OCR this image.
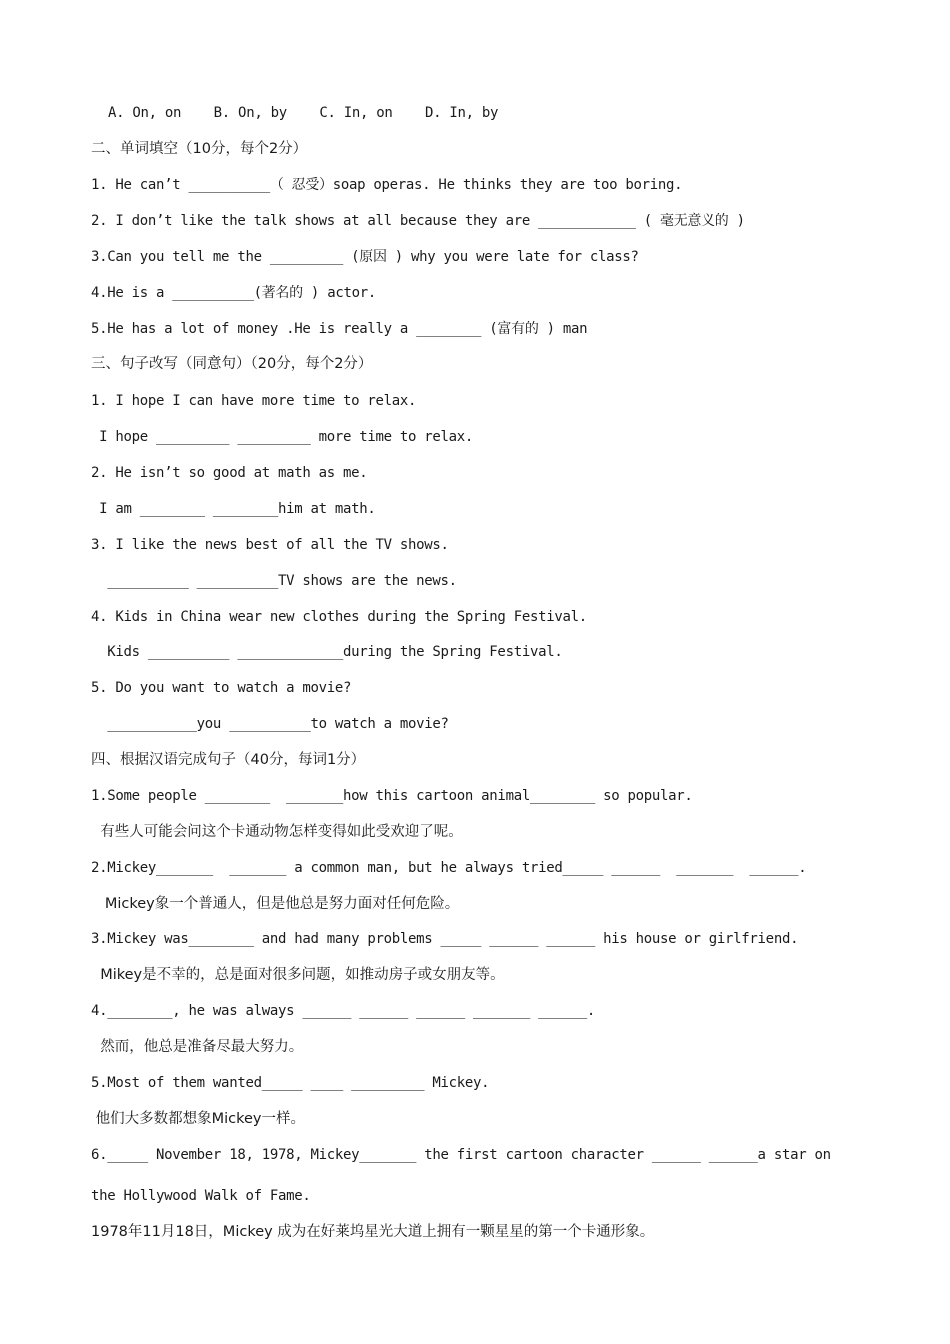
A. On, on    B. On, by    C. In, on    D. In, by

二、单词填空（10分，每个2分）

1. He can’t __________（ 忍受）soap operas. He thinks they are too boring.

2. I don’t like the talk shows at all because they are ____________ ( 毫无意义的 )

3.Can you tell me the _________ (原因 ) why you were late for class?

4.He is a __________(著名的 ) actor.

5.He has a lot of money .He is really a ________ (富有的 ) man

三、句子改写（同意句）（20分，每个2分）

1. I hope I can have more time to relax.

I hope _________ _________ more time to relax.

2. He isn’t so good at math as me.

I am ________ ________him at math.

3. I like the news best of all the TV shows.

__________ __________TV shows are the news.

4. Kids in China wear new clothes during the Spring Festival.

Kids __________ _____________during the Spring Festival.

5. Do you want to watch a movie?

___________you __________to watch a movie?

四、根据汉语完成句子（40分，每词1分）

1.Some people ________  _______how this cartoon animal________ so popular.

有些人可能会问这个卡通动物怎样变得如此受欢迎了呢。

2.Mickey_______  _______ a common man, but he always tried_____ ______  _______  ______.

Mickey象一个普通人，但是他总是努力面对任何危险。

3.Mickey was________ and had many problems _____ ______ ______ his house or girlfriend.

Mikey是不幸的，总是面对很多问题，如推动房子或女朋友等。

4.________, he was always ______ ______ ______ _______ ______.

然而，他总是准备尽最大努力。

5.Most of them wanted_____ ____ _________ Mickey.

他们大多数都想象Mickey一样。

6._____ November 18, 1978, Mickey_______ the first cartoon character ______ ______a star on

the Hollywood Walk of Fame.

1978年11月18日，Mickey 成为在好莱坞星光大道上拥有一颗星星的第一个卡通形象。
